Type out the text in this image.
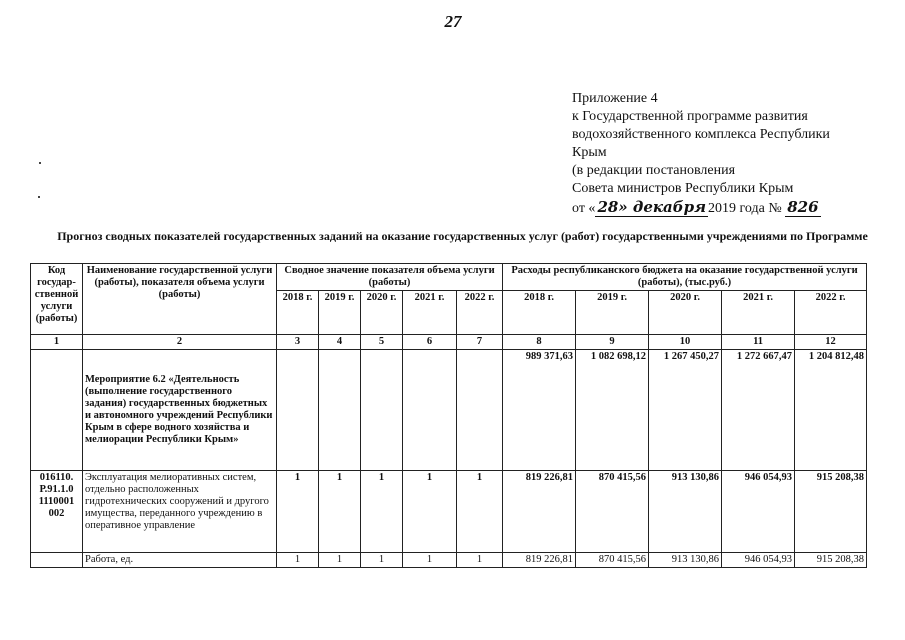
27
Приложение 4
к Государственной программе развития
водохозяйственного комплекса Республики
Крым
(в редакции постановления
Совета министров Республики Крым
от « 28» декабря 2019 года № 826
Прогноз сводных показателей государственных заданий на оказание государственных услуг (работ) государственными учреждениями по Программе
Код государ-ственной услуги (работы)	Наименование государственной услуги (работы), показателя объема услуги (работы)	Сводное значение показателя объема услуги (работы)					Расходы республиканского бюджета на оказание государственной услуги (работы), (тыс.руб.)				
		2018 г.	2019 г.	2020 г.	2021 г.	2022 г.	2018 г.	2019 г.	2020 г.	2021 г.	2022 г.
1	2	3	4	5	6	7	8	9	10	11	12
	Мероприятие 6.2 «Деятельность (выполнение государственного задания) государственных бюджетных и автономного учреждений Республики Крым в сфере водного хозяйства и мелиорации Республики Крым»						989 371,63	1 082 698,12	1 267 450,27	1 272 667,47	1 204 812,48
016110. Р.91.1.0 1110001 002	Эксплуатация мелиоративных систем, отдельно расположенных гидротехнических сооружений и другого имущества, переданного учреждению в оперативное управление	1	1	1	1	1	819 226,81	870 415,56	913 130,86	946 054,93	915 208,38
	Работа, ед.	1	1	1	1	1	819 226,81	870 415,56	913 130,86	946 054,93	915 208,38
